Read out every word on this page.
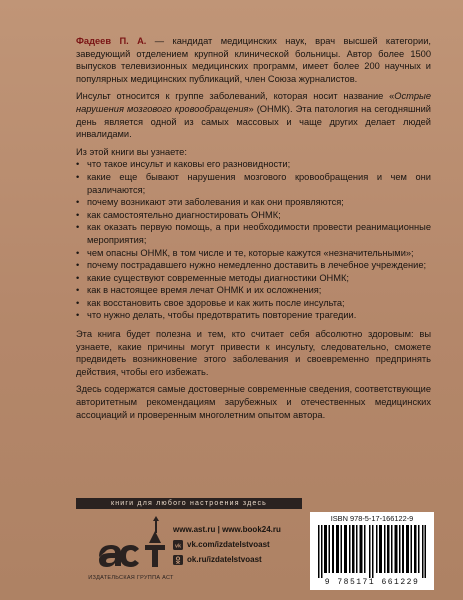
Фадеев П. А. — кандидат медицинских наук, врач высшей категории, заведующий отделением крупной клинической больницы. Автор более 1500 выпусков телевизионных медицинских программ, имеет более 200 научных и популярных медицинских публикаций, член Союза журналистов.

Инсульт относится к группе заболеваний, которая носит название «Острые нарушения мозгового кровообращения» (ОНМК). Эта патология на сегодняшний день является одной из самых массовых и чаще других делает людей инвалидами.

Из этой книги вы узнаете:
• что такое инсульт и каковы его разновидности;
• какие еще бывают нарушения мозгового кровообращения и чем они различаются;
• почему возникают эти заболевания и как они проявляются;
• как самостоятельно диагностировать ОНМК;
• как оказать первую помощь, а при необходимости провести реанимационные мероприятия;
• чем опасны ОНМК, в том числе и те, которые кажутся «незначительными»;
• почему пострадавшего нужно немедленно доставить в лечебное учреждение;
• какие существуют современные методы диагностики ОНМК;
• как в настоящее время лечат ОНМК и их осложнения;
• как восстановить свое здоровье и как жить после инсульта;
• что нужно делать, чтобы предотвратить повторение трагедии.

Эта книга будет полезна и тем, кто считает себя абсолютно здоровым: вы узнаете, какие причины могут привести к инсульту, следовательно, сможете предвидеть возникновение этого заболевания и своевременно предпринять действия, чтобы его избежать.

Здесь содержатся самые достоверные современные сведения, соответствующие авторитетным рекомендациям зарубежных и отечественных медицинских ассоциаций и проверенным многолетним опытом автора.

книги для любого настроения здесь
ИЗДАТЕЛЬСКАЯ ГРУППА АСТ
www.ast.ru | www.book24.ru
vk vk.com/izdatelstvoast
ok.ru/izdatelstvoast
ISBN 978-5-17-166122-9
9 785171 661229
